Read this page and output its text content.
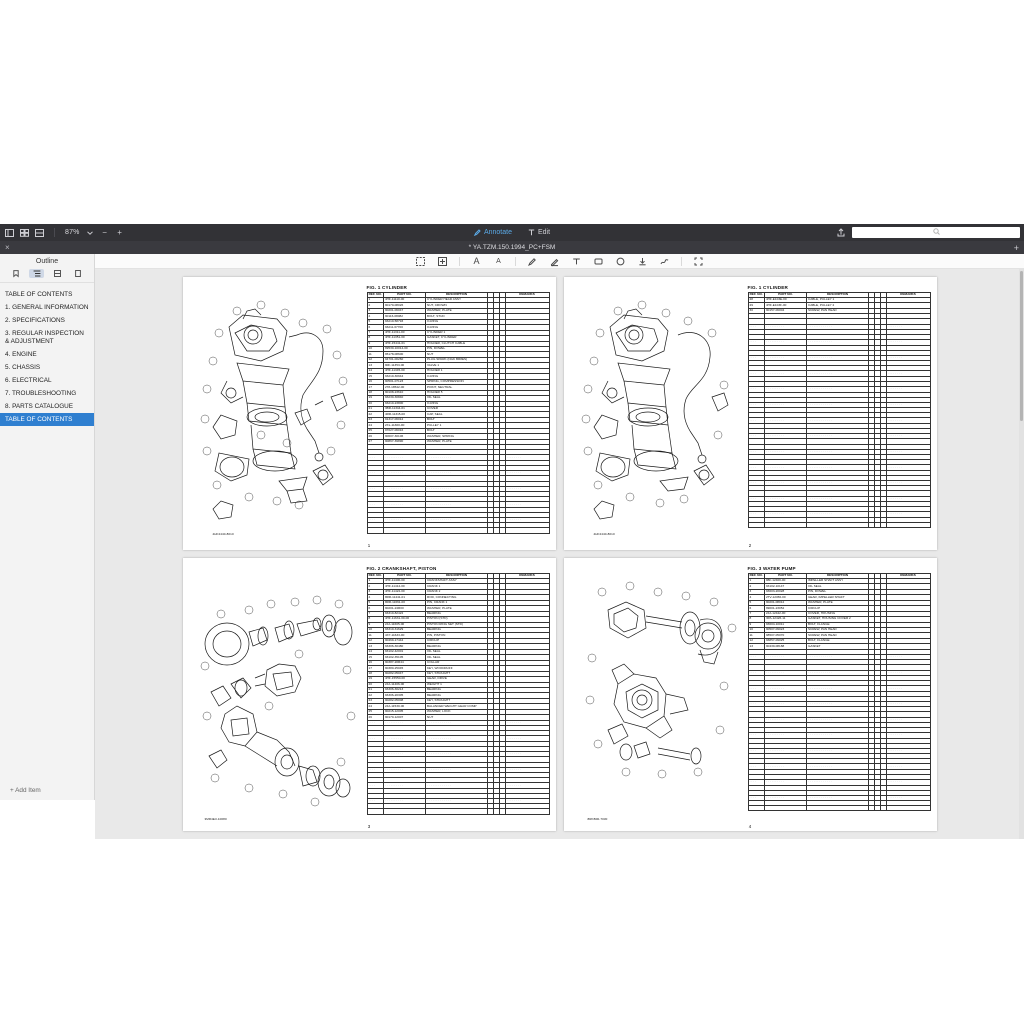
87%	−	+	Annotate	Edit
×	* YA.TZM.150.1994_PC+FSM	+
Outline
TABLE OF CONTENTS
1. GENERAL INFORMATION
2. SPECIFICATIONS
3. REGULAR INSPECTION & ADJUSTMENT
4. ENGINE
5. CHASSIS
6. ELECTRICAL
7. TROUBLESHOOTING
8. PARTS CATALOGUE
TABLE OF CONTENTS
+ Add Item
A	A
4HF2440-8010
FIG. 1 CYLINDER
REF. NO.	PART NO.	DESCRIPTION				REMARKS
1	4HF-11110-00	CYLINDER HEAD ASSY				
2	90170-08026	NUT, CROWN				
3	90201-06047	WASHER, PLATE				
4	90116-08082	BOLT, STUD				
5	93210-58793	O-RING				
6	93211-67700	O-RING				
7	4HF-11311-00	CYLINDER 1				
8	4HF-11351-00	GASKET, CYLINDER				
9	4HF-15441-01	HOLDER, CLUTCH CABLE				
10	99530-10014-00	PIN, DOWEL				
11	95178-08600	NUT				
12	94701-00260	PLUG SPARK (NGK BR8ES)				
13	90F-11353-00	VALVE 1				
14	4HF-11345-00	HOLDER 1				
15	93210-30944	O-RING				
16	90501-07123	SPRING, COMPRESSION				
17	278-18542-00	POINT, NEUTRAL				
18	90108-23610	HOLDER 5				
19	93230-30840	OIL SEAL				
20	93210-23800	O-RING				
21	3BR-11344-01	COVER				
22	4RR-11315-00	CAP, SEAL				
23	91317-06012	BOLT				
24	2XL-11300-00	PULLEY 1				
25	97027-06016	BOLT				
26	90607-30106	WASHER, SPRING				
27	90867-39890	WASHER, PLATE				

· · · ·	· · · · · · · · · ·	· · · · · · · · · · · · ·				· · · · · · · ·

· · · ·	· · · · · · · · · ·	· · · · · · · · · · · · ·				· · · · · · · ·

· · · ·	· · · · · · · · · ·	· · · · · · · · · · · · ·				· · · · · · · ·

· · · ·	· · · · · · · · · ·	· · · · · · · · · · · · ·				· · · · · · · ·

· · · ·	· · · · · · · · · ·	· · · · · · · · · · · · ·				· · · · · · · ·

1
4HF2440-8010
FIG. 1 CYLINDER
REF. NO.	PART NO.	DESCRIPTION				REMARKS
28	4HF-E103E-00	CABLE, PULLEY 1				
29	4HF-E103F-00	CABLE, PULLEY 2				
30	90157-06004	SCREW, PAN HEAD				

· · · ·	· · · · · · · · · ·	· · · · · · · · · · · · ·				· · · · · · · ·

· · · ·	· · · · · · · · · ·	· · · · · · · · · · · · ·				· · · · · · · ·

· · · ·	· · · · · · · · · ·	· · · · · · · · · · · · ·				· · · · · · · ·

· · · ·	· · · · · · · · · ·	· · · · · · · · · · · · ·				· · · · · · · ·

· · · ·	· · · · · · · · · ·	· · · · · · · · · · · · ·				· · · · · · · ·

· · · ·	· · · · · · · · · ·	· · · · · · · · · · · · ·				· · · · · · · ·

· · · ·	· · · · · · · · · ·	· · · · · · · · · · · · ·				· · · · · · · ·

· · · ·	· · · · · · · · · ·	· · · · · · · · · · · · ·				· · · · · · · ·

· · · ·	· · · · · · · · · ·	· · · · · · · · · · · · ·				· · · · · · · ·

· · · ·	· · · · · · · · · ·	· · · · · · · · · · · · ·				· · · · · · · ·

· · · ·	· · · · · · · · · ·	· · · · · · · · · · · · ·				· · · · · · · ·

· · · ·	· · · · · · · · · ·	· · · · · · · · · · · · ·				· · · · · · · ·

· · · ·	· · · · · · · · · ·	· · · · · · · · · · · · ·				· · · · · · · ·

2
3MR4E3-10080
FIG. 2 CRANKSHAFT, PISTON
REF. NO.	PART NO.	DESCRIPTION				REMARKS
1	4HF-11400-00	CRANKSHAFT ASSY				
2	4HF-11412-00	CRANK 1				
3	4HF-11422-00	CRANK 2				
4	8RR-11441-01	ROD, CONNECTING				
5	8RR-11661-00	PIN, CRANK 1				
6	90201-24R00	WASHER, PLATE				
7	93310-82422	BEARING				
8	4HF-11631-00-00	PISTON (STD)				
9	2JA-11605-00	PISTON RING SET (STD)				
10	93310-31629	BEARING				
11	4X7-11633-00	PIN, PISTON				
12	90469-17444	CIRCLIP				
13	93306-30480	BEARING				
14	93102-42001	OIL SEAL				
15	93102-35105	OIL SEAL				
16	90387-20R44	COLLAR				
17	90380-25045	KEY, WOODRUFF				
18	90282-05047	KEY, STRAIGHT				
19	4HF-15550-00	GEAR, DRIVE				
20	2JA-11406-00	WEIGHT 1				
21	93306-30213	BEARING				
22	93306-20305	BEARING				
23	90282-05008	KEY, STRAIGHT				
24	2JA-11530-00	BALANCER WEIGHT GEAR COMP				
25	90215-12005	WASHER, LOCK				
26	90170-12007	NUT				
· · · ·	· · · · · · · · · ·	· · · · · · · · · · · · ·				· · · · · · · ·

· · · ·	· · · · · · · · · ·	· · · · · · · · · · · · ·				· · · · · · · ·

· · · ·	· · · · · · · · · ·	· · · · · · · · · · · · ·				· · · · · · · ·

· · · ·	· · · · · · · · · ·	· · · · · · · · · · · · ·				· · · · · · · ·

· · · ·	· · · · · · · · · ·	· · · · · · · · · · · · ·				· · · · · · · ·

· · · ·	· · · · · · · · · ·	· · · · · · · · · · · · ·				· · · · · · · ·

3
8RKB00-7030
FIG. 3 WATER PUMP
REF. NO.	PART NO.	DESCRIPTION				REMARKS
1	88F-12400-00	IMPELLER SHAFT ASSY				
2	93102-10147	OIL SEAL				
3	93603-20028	PIN, DOWEL				
4	2TV-12456-00	GEAR, IMPELLER SHAFT				
5	90201-08012	WASHER, PLATE				
6	99001-23052	CIRCLIP				
7	2JA-12422-00	COVER, HOUSING				
8	3PA-12426-11	GASKET, HOUSING COVER 2				
9	93604-10011	BOLT, FLANGE				
10	90507-09023	SCREW, PAN HEAD				
11	98507-05070	SCREW, PAN HEAD				
12	93857-09025	BOLT, FLANGE				
13	90430-08188	GASKET				

· · · ·	· · · · · · · · · ·	· · · · · · · · · · · · ·				· · · · · · · ·

· · · ·	· · · · · · · · · ·	· · · · · · · · · · · · ·				· · · · · · · ·

· · · ·	· · · · · · · · · ·	· · · · · · · · · · · · ·				· · · · · · · ·

· · · ·	· · · · · · · · · ·	· · · · · · · · · · · · ·				· · · · · · · ·

· · · ·	· · · · · · · · · ·	· · · · · · · · · · · · ·				· · · · · · · ·

· · · ·	· · · · · · · · · ·	· · · · · · · · · · · · ·				· · · · · · · ·

· · · ·	· · · · · · · · · ·	· · · · · · · · · · · · ·				· · · · · · · ·

· · · ·	· · · · · · · · · ·	· · · · · · · · · · · · ·				· · · · · · · ·

· · · ·	· · · · · · · · · ·	· · · · · · · · · · · · ·				· · · · · · · ·

· · · ·	· · · · · · · · · ·	· · · · · · · · · · · · ·				· · · · · · · ·

4
